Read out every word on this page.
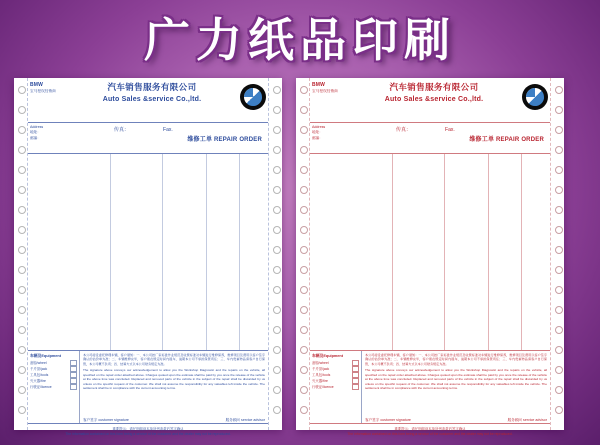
广力纸品印刷
BMW
宝马授权经销商	汽车销售服务有限公司
Auto Sales &service Co.,ltd.
Address
地址：
邮编：
传真：	Fax.
维修工单 REPAIR ORDER
车辆及Equipment
备胎/wheel
千斤顶/jack
工具包/tools
灭火器/fire
行驶证/licence
本公司接受委托修理车辆，客户须知：一、本公司按厂家标准作业规范及收费标准对车辆进行维修保养，维修项目及费用以客户签字确认的估价单为准；二、车辆维修完毕，客户须在规定时间内提车，逾期本公司不承担保管责任；三、车内贵重物品请客户自行保管，本公司概不负责；四、结算方式以本公司财务规定为准。
The signature above conveys our acknowledgement to allow you the Workshop Diagnostic and the repairs on the vehicle, all specified on the repair order attached above. Charges quoted upon the estimate shall be paid by you once the release of the vehicle at the above time was concluded. Replaced and removed parts of the vehicle in the subject of the repair shall be discarded by us unless on the specific request of the customer. We shall not assume the responsibility for any valuables left inside the vehicle. The settlement shall be in compliance with the current accounting terms.
客户签字 customer signature	服务顾问 service advisor
重要提示：请仔细阅读本单所列条款后签字确认
The information contained on this form being a service of the customer and the dealer may not be reproduced.
BMW
宝马授权经销商	汽车销售服务有限公司
Auto Sales &service Co.,ltd.
Address
地址：
邮编：
传真：	Fax.
维修工单 REPAIR ORDER
车辆及Equipment
备胎/wheel
千斤顶/jack
工具包/tools
灭火器/fire
行驶证/licence
本公司接受委托修理车辆，客户须知：一、本公司按厂家标准作业规范及收费标准对车辆进行维修保养，维修项目及费用以客户签字确认的估价单为准；二、车辆维修完毕，客户须在规定时间内提车，逾期本公司不承担保管责任；三、车内贵重物品请客户自行保管，本公司概不负责；四、结算方式以本公司财务规定为准。
The signature above conveys our acknowledgement to allow you the Workshop Diagnostic and the repairs on the vehicle, all specified on the repair order attached above. Charges quoted upon the estimate shall be paid by you once the release of the vehicle at the above time was concluded. Replaced and removed parts of the vehicle in the subject of the repair shall be discarded by us unless on the specific request of the customer. We shall not assume the responsibility for any valuables left inside the vehicle. The settlement shall be in compliance with the current accounting terms.
客户签字 customer signature	服务顾问 service advisor
重要提示：请仔细阅读本单所列条款后签字确认
The information contained on this form being a service of the customer and the dealer may not be reproduced.
